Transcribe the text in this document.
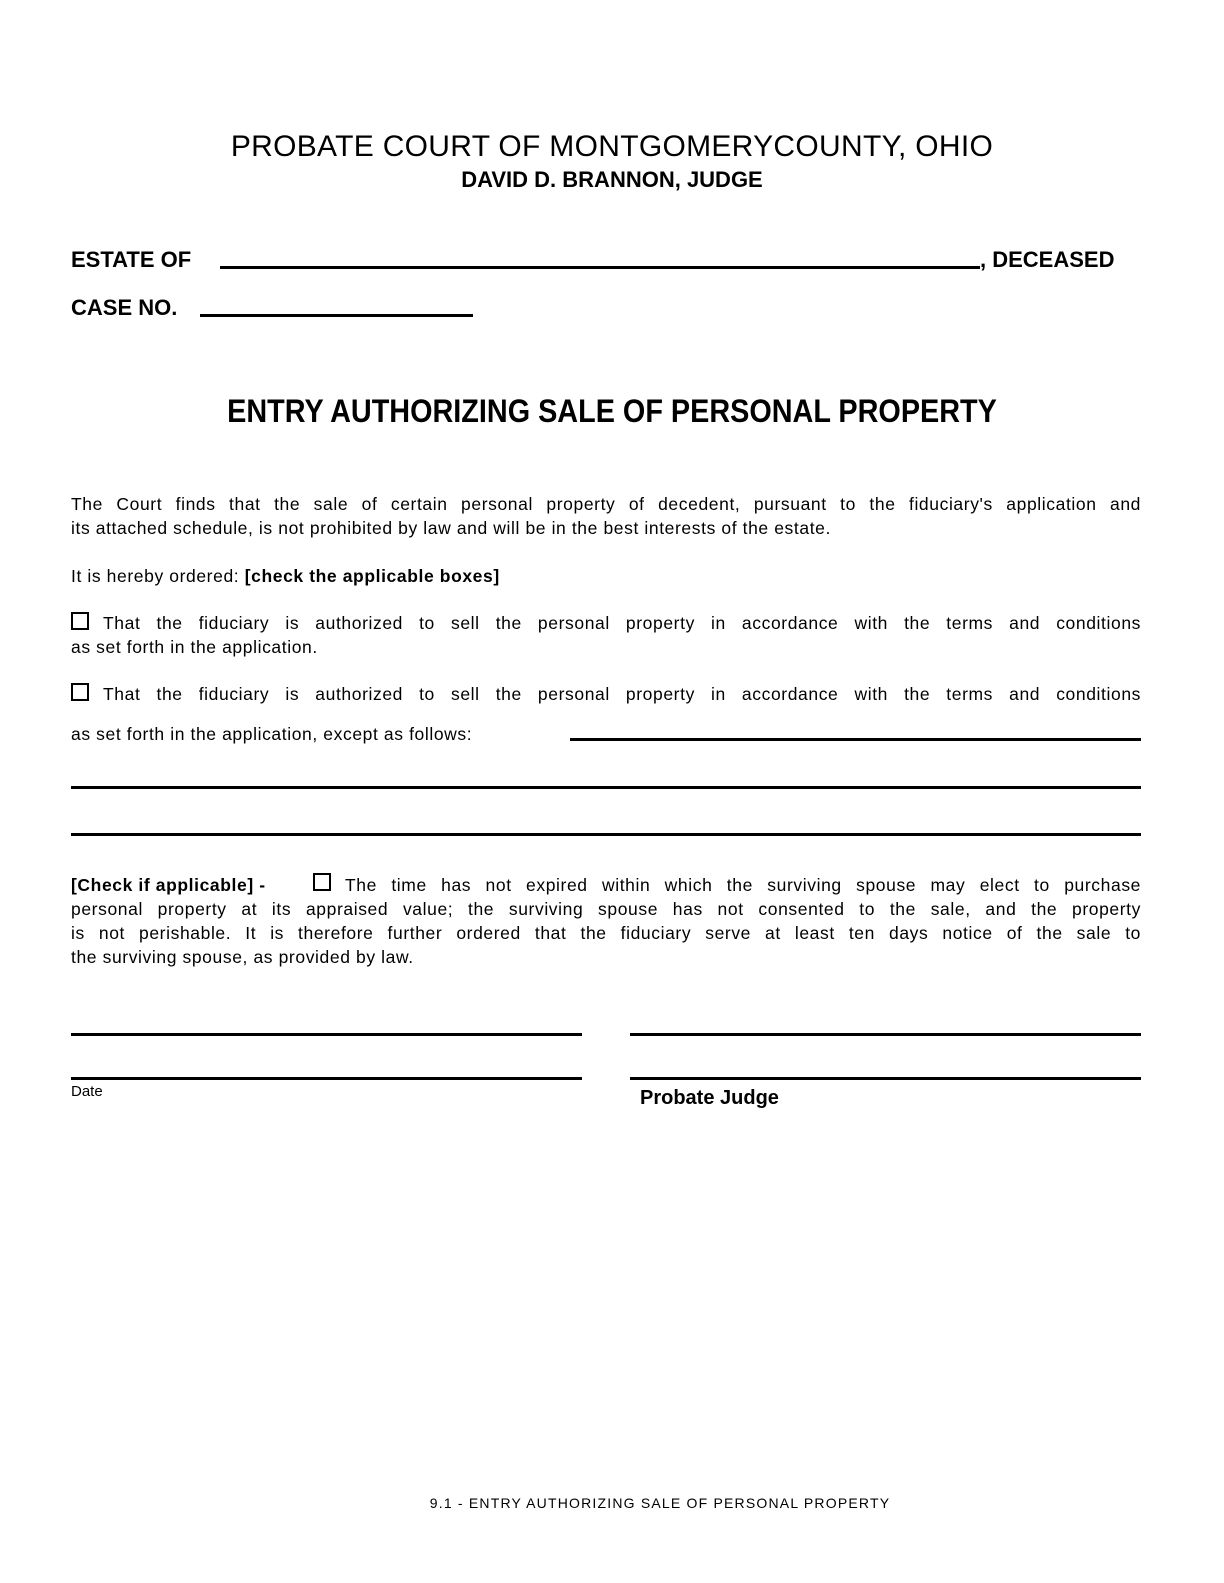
PROBATE COURT OF MONTGOMERYCOUNTY, OHIO
DAVID D. BRANNON, JUDGE
ESTATE OF	, DECEASED
CASE NO.
ENTRY AUTHORIZING SALE OF PERSONAL PROPERTY
The Court finds that the sale of certain personal property of decedent, pursuant to the fiduciary's application and
its attached schedule, is not prohibited by law and will be in the best interests of the estate.
It is hereby ordered: [check the applicable boxes]
That the fiduciary is authorized to sell the personal property in accordance with the terms and conditions
as set forth in the application.
That the fiduciary is authorized to sell the personal property in accordance with the terms and conditions
as set forth in the application, except as follows:
[Check if applicable] -	The time has not expired within which the surviving spouse may elect to purchase
personal property at its appraised value; the surviving spouse has not consented to the sale, and the property
is not perishable. It is therefore further ordered that the fiduciary serve at least ten days notice of the sale to
the surviving spouse, as provided by law.
Date	Probate Judge
9.1 - ENTRY AUTHORIZING SALE OF PERSONAL PROPERTY
